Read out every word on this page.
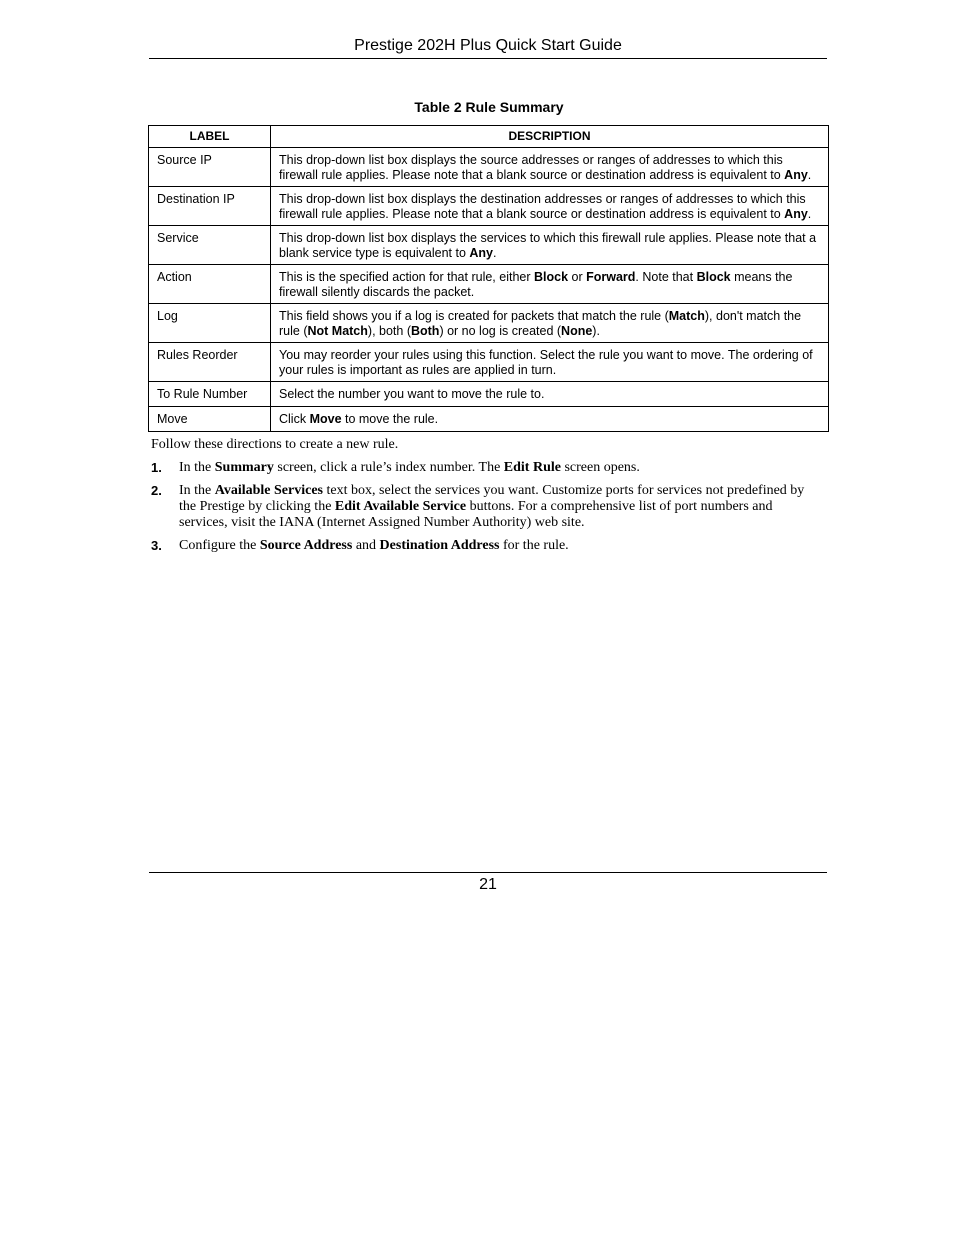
Prestige 202H Plus Quick Start Guide
Table 2 Rule Summary
LABEL	DESCRIPTION
Source IP	This drop-down list box displays the source addresses or ranges of addresses to which this firewall rule applies. Please note that a blank source or destination address is equivalent to Any.
Destination IP	This drop-down list box displays the destination addresses or ranges of addresses to which this firewall rule applies. Please note that a blank source or destination address is equivalent to Any.
Service	This drop-down list box displays the services to which this firewall rule applies. Please note that a blank service type is equivalent to Any.
Action	This is the specified action for that rule, either Block or Forward. Note that Block means the firewall silently discards the packet.
Log	This field shows you if a log is created for packets that match the rule (Match), don't match the rule (Not Match), both (Both) or no log is created (None).
Rules Reorder	You may reorder your rules using this function. Select the rule you want to move. The ordering of your rules is important as rules are applied in turn.
To Rule Number	Select the number you want to move the rule to.
Move	Click Move to move the rule.
Follow these directions to create a new rule.
1. In the Summary screen, click a rule’s index number. The Edit Rule screen opens.
2. In the Available Services text box, select the services you want. Customize ports for services not predefined by the Prestige by clicking the Edit Available Service buttons. For a comprehensive list of port numbers and services, visit the IANA (Internet Assigned Number Authority) web site.
3. Configure the Source Address and Destination Address for the rule.
21
